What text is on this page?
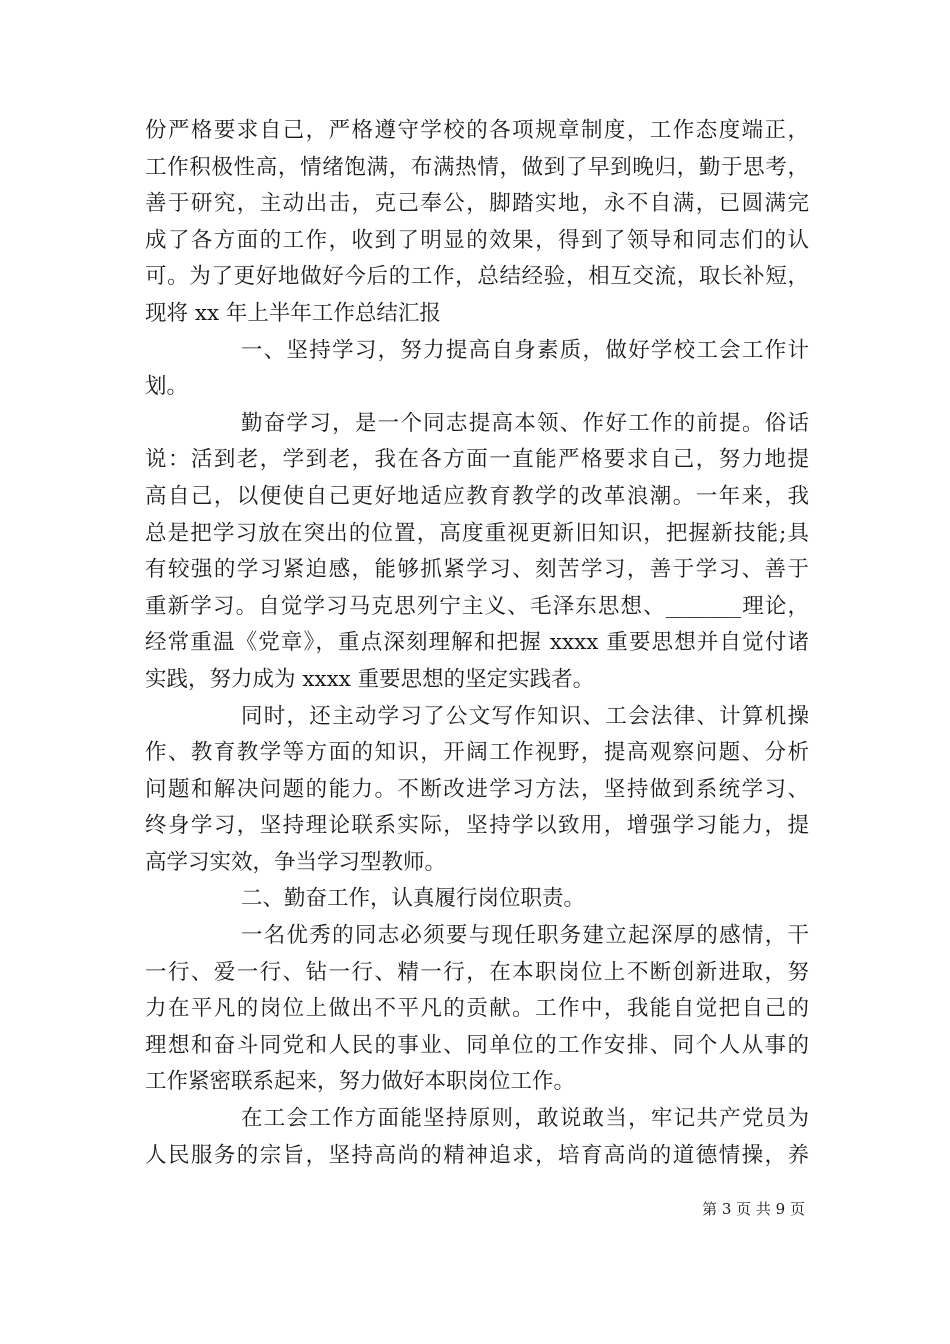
份严格要求自己，严格遵守学校的各项规章制度，工作态度端正，
工作积极性高，情绪饱满，布满热情，做到了早到晚归，勤于思考，
善于研究，主动出击，克己奉公，脚踏实地，永不自满，已圆满完
成了各方面的工作，收到了明显的效果，得到了领导和同志们的认
可。为了更好地做好今后的工作，总结经验，相互交流，取长补短，
现将 xx 年上半年工作总结汇报
一、坚持学习，努力提高自身素质，做好学校工会工作计
划。
勤奋学习，是一个同志提高本领、作好工作的前提。俗话
说：活到老，学到老，我在各方面一直能严格要求自己，努力地提
高自己，以便使自己更好地适应教育教学的改革浪潮。一年来，我
总是把学习放在突出的位置，高度重视更新旧知识，把握新技能;具
有较强的学习紧迫感，能够抓紧学习、刻苦学习，善于学习、善于
重新学习。自觉学习马克思列宁主义、毛泽东思想、_______理论，
经常重温《党章》，重点深刻理解和把握 xxxx 重要思想并自觉付诸
实践，努力成为 xxxx 重要思想的坚定实践者。
同时，还主动学习了公文写作知识、工会法律、计算机操
作、教育教学等方面的知识，开阔工作视野，提高观察问题、分析
问题和解决问题的能力。不断改进学习方法，坚持做到系统学习、
终身学习，坚持理论联系实际，坚持学以致用，增强学习能力，提
高学习实效，争当学习型教师。
二、勤奋工作，认真履行岗位职责。
一名优秀的同志必须要与现任职务建立起深厚的感情，干
一行、爱一行、钻一行、精一行，在本职岗位上不断创新进取，努
力在平凡的岗位上做出不平凡的贡献。工作中，我能自觉把自己的
理想和奋斗同党和人民的事业、同单位的工作安排、同个人从事的
工作紧密联系起来，努力做好本职岗位工作。
在工会工作方面能坚持原则，敢说敢当，牢记共产党员为
人民服务的宗旨，坚持高尚的精神追求，培育高尚的道德情操，养
第 3 页 共 9 页
